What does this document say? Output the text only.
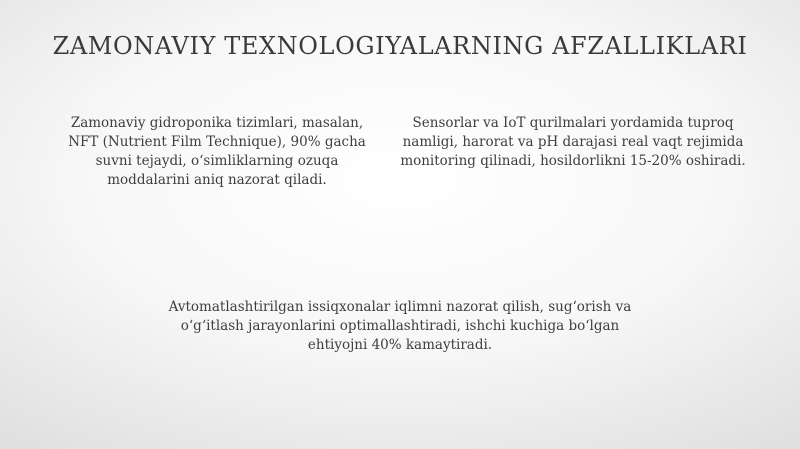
ZAMONAVIY TEXNOLOGIYALARNING AFZALLIKLARI

Zamonaviy gidroponika tizimlari, masalan, NFT (Nutrient Film Technique), 90% gacha suvni tejaydi, o‘simliklarning ozuqa moddalarini aniq nazorat qiladi.

Sensorlar va IoT qurilmalari yordamida tuproq namligi, harorat va pH darajasi real vaqt rejimida monitoring qilinadi, hosildorlikni 15-20% oshiradi.

Avtomatlashtirilgan issiqxonalar iqlimni nazorat qilish, sug‘orish va o‘g‘itlash jarayonlarini optimallashtiradi, ishchi kuchiga bo‘lgan ehtiyojni 40% kamaytiradi.
